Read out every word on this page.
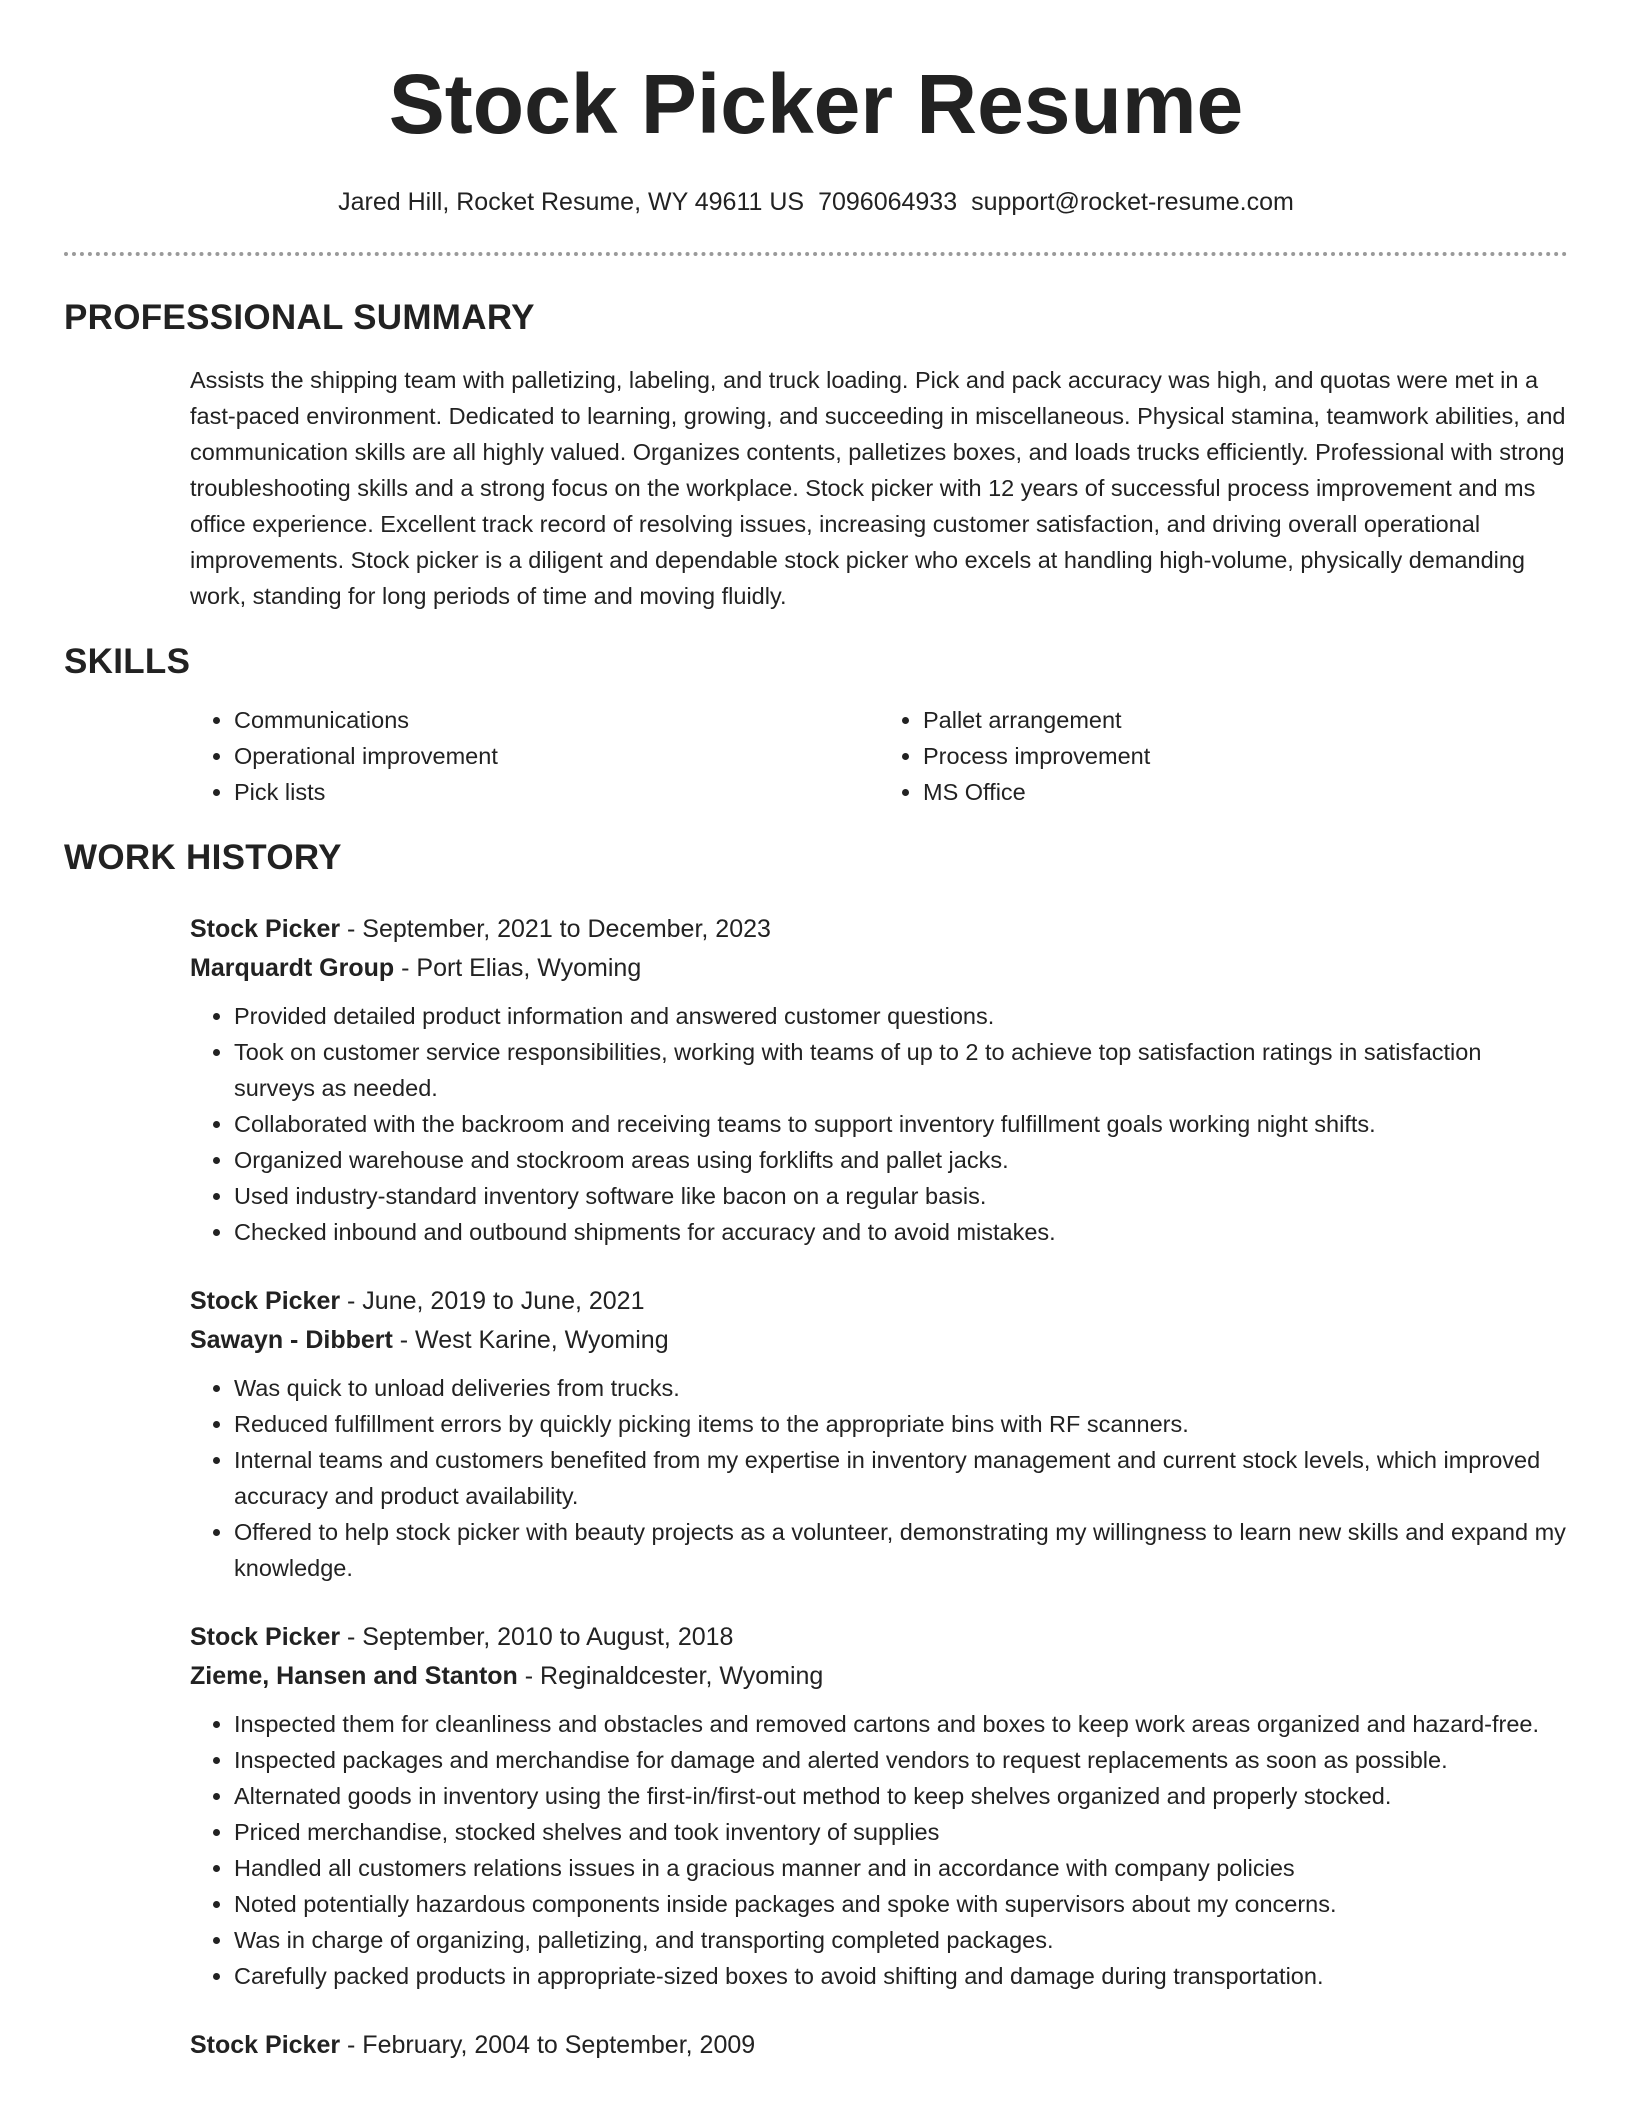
Stock Picker Resume
Jared Hill, Rocket Resume, WY 49611 US 7096064933 support@rocket-resume.com
PROFESSIONAL SUMMARY

Assists the shipping team with palletizing, labeling, and truck loading. Pick and pack accuracy was high, and quotas were met in a fast-paced environment. Dedicated to learning, growing, and succeeding in miscellaneous. Physical stamina, teamwork abilities, and communication skills are all highly valued. Organizes contents, palletizes boxes, and loads trucks efficiently. Professional with strong troubleshooting skills and a strong focus on the workplace. Stock picker with 12 years of successful process improvement and ms office experience. Excellent track record of resolving issues, increasing customer satisfaction, and driving overall operational improvements. Stock picker is a diligent and dependable stock picker who excels at handling high-volume, physically demanding work, standing for long periods of time and moving fluidly.

SKILLS
• Communications
• Operational improvement
• Pick lists
• Pallet arrangement
• Process improvement
• MS Office
WORK HISTORY
Stock Picker - September, 2021 to December, 2023
Marquardt Group - Port Elias, Wyoming
• Provided detailed product information and answered customer questions.
• Took on customer service responsibilities, working with teams of up to 2 to achieve top satisfaction ratings in satisfaction surveys as needed.
• Collaborated with the backroom and receiving teams to support inventory fulfillment goals working night shifts.
• Organized warehouse and stockroom areas using forklifts and pallet jacks.
• Used industry-standard inventory software like bacon on a regular basis.
• Checked inbound and outbound shipments for accuracy and to avoid mistakes.
Stock Picker - June, 2019 to June, 2021
Sawayn - Dibbert - West Karine, Wyoming
• Was quick to unload deliveries from trucks.
• Reduced fulfillment errors by quickly picking items to the appropriate bins with RF scanners.
• Internal teams and customers benefited from my expertise in inventory management and current stock levels, which improved accuracy and product availability.
• Offered to help stock picker with beauty projects as a volunteer, demonstrating my willingness to learn new skills and expand my knowledge.
Stock Picker - September, 2010 to August, 2018
Zieme, Hansen and Stanton - Reginaldcester, Wyoming
• Inspected them for cleanliness and obstacles and removed cartons and boxes to keep work areas organized and hazard-free.
• Inspected packages and merchandise for damage and alerted vendors to request replacements as soon as possible.
• Alternated goods in inventory using the first-in/first-out method to keep shelves organized and properly stocked.
• Priced merchandise, stocked shelves and took inventory of supplies
• Handled all customers relations issues in a gracious manner and in accordance with company policies
• Noted potentially hazardous components inside packages and spoke with supervisors about my concerns.
• Was in charge of organizing, palletizing, and transporting completed packages.
• Carefully packed products in appropriate-sized boxes to avoid shifting and damage during transportation.
Stock Picker - February, 2004 to September, 2009
